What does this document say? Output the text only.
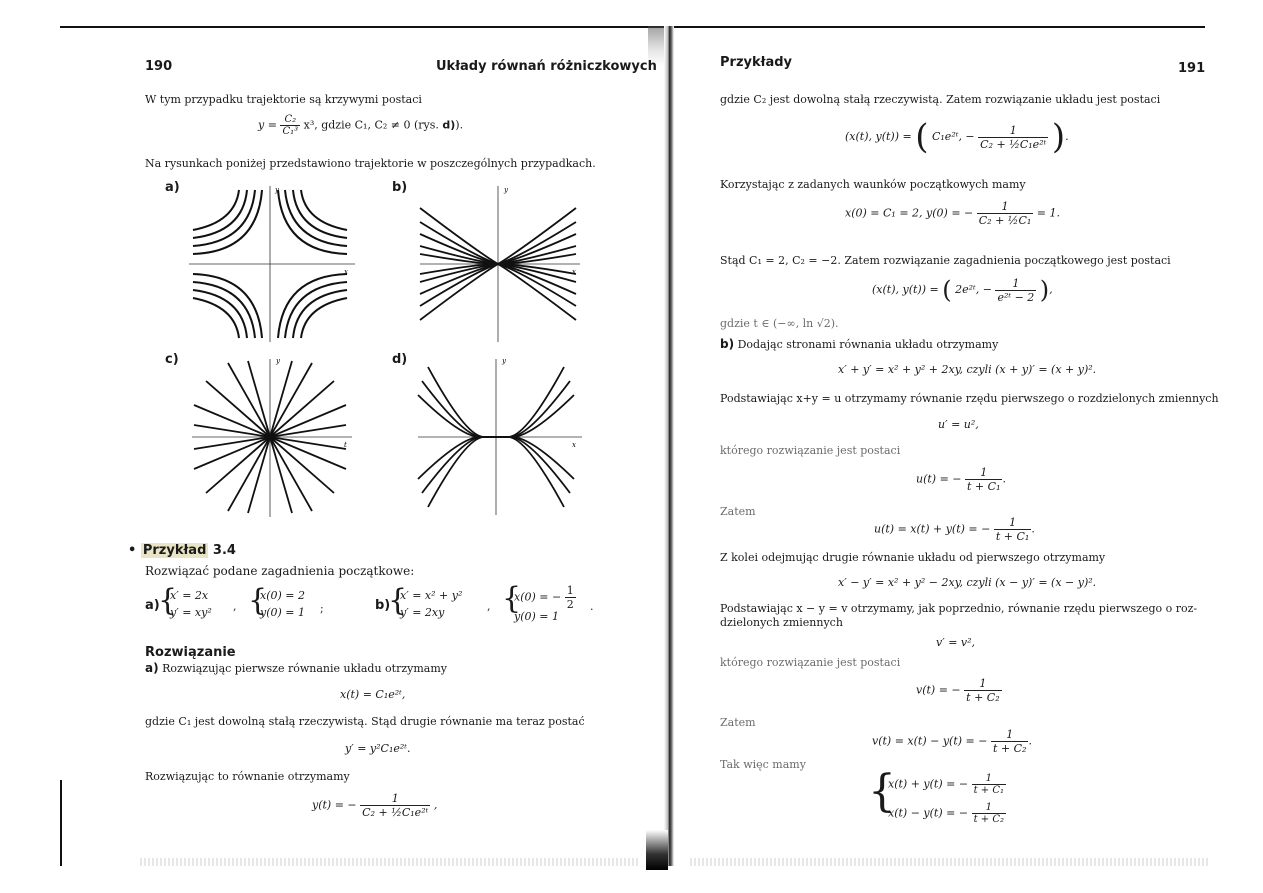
190	Układy równań różniczkowych
W tym przypadku trajektorie są krzywymi postaci
$y = \frac{\text{C₂}}{\text{C₁³}} x^3$, gdzie C₁, C₂ ≠ 0 (rys. d)).
Na rysunkach poniżej przedstawiono trajektorie w poszczególnych przypadkach.
a)	b)
c)	d)
y
x
y
x
y
t
y
x
• Przykład 3.4
Rozwiązać podane zagadnienia początkowe:
a)
{
x′ = 2x
y′ = xy² , {
x(0) = 2
y(0) = 1 ;	b)
{
x′ = x² + y²
y′ = 2xy	, {
x(0) = − $\frac{1}{2}$
y(0) = 1
.
Rozwiązanie
a) Rozwiązując pierwsze równanie układu otrzymamy
x(t) = C₁e²ᵗ,
gdzie C₁ jest dowolną stałą rzeczywistą. Stąd drugie równanie ma teraz postać
y′ = y²C₁e²ᵗ.
Rozwiązując to równanie otrzymamy
y(t) = − $\frac{1}{\text{C₂ + ½C₁e²ᵗ}}$ ,
Przykłady	191
gdzie C₂ jest dowolną stałą rzeczywistą. Zatem rozwiązanie układu jest postaci
(x(t), y(t)) = ( C₁e²ᵗ, − $\frac{1}{\text{C₂ + ½C₁e²ᵗ}}$ ).
Korzystając z zadanych waunków początkowych mamy
x(0) = C₁ = 2, y(0) = − $\frac{1}{\text{C₂ + ½C₁}} = 1$.
Stąd C₁ = 2, C₂ = −2. Zatem rozwiązanie zagadnienia początkowego jest postaci
(x(t), y(t)) = ( 2e²ᵗ, − $\frac{1}{\text{e²ᵗ − 2}}$ ),
gdzie t ∈ (−∞, ln √2).
b) Dodając stronami równania układu otrzymamy
x′ + y′ = x² + y² + 2xy, czyli (x + y)′ = (x + y)².
Podstawiając x+y = u otrzymamy równanie rzędu pierwszego o rozdzielonych zmiennych
u′ = u²,
którego rozwiązanie jest postaci
u(t) = − $\frac{1}{\text{t + C₁}}$ .
Zatem
u(t) = x(t) + y(t) = − $\frac{1}{\text{t + C₁}}$ .
Z kolei odejmując drugie równanie układu od pierwszego otrzymamy
x′ − y′ = x² + y² − 2xy, czyli (x − y)′ = (x − y)².
Podstawiając x − y = v otrzymamy, jak poprzednio, równanie rzędu pierwszego o roz-
dzielonych zmiennych
v′ = v²,
którego rozwiązanie jest postaci
v(t) = − $\frac{1}{\text{t + C₂}}$
Zatem
v(t) = x(t) − y(t) = − $\frac{1}{\text{t + C₂}}$ .
Tak więc mamy
{
x(t) + y(t) = − $\frac{1}{\text{t + C₁}}$
x(t) − y(t) = − $\frac{1}{\text{t + C₂}}$
